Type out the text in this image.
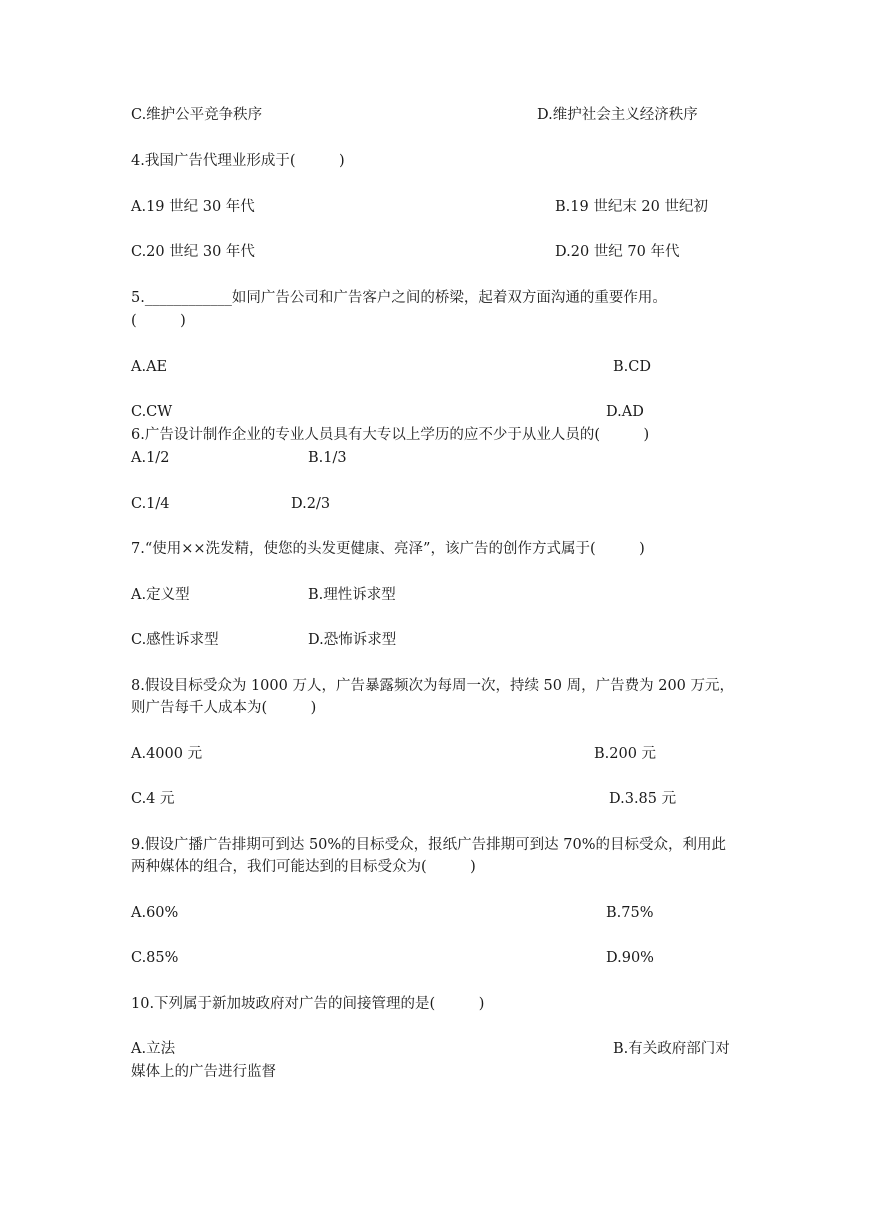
C.维护公平竞争秩序	D.维护社会主义经济秩序
4.我国广告代理业形成于(　　　)
A.19 世纪 30 年代	B.19 世纪末 20 世纪初
C.20 世纪 30 年代	D.20 世纪 70 年代
5.____________如同广告公司和广告客户之间的桥梁，起着双方面沟通的重要作用。
(　　　)
A.AE	B.CD
C.CW	D.AD
6.广告设计制作企业的专业人员具有大专以上学历的应不少于从业人员的(　　　)
A.1/2	B.1/3
C.1/4	D.2/3
7.“使用××洗发精，使您的头发更健康、亮泽”，该广告的创作方式属于(　　　)
A.定义型	B.理性诉求型
C.感性诉求型	D.恐怖诉求型
8.假设目标受众为 1000 万人，广告暴露频次为每周一次，持续 50 周，广告费为 200 万元，
则广告每千人成本为(　　　)
A.4000 元	B.200 元
C.4 元	D.3.85 元
9.假设广播广告排期可到达 50%的目标受众，报纸广告排期可到达 70%的目标受众，利用此
两种媒体的组合，我们可能达到的目标受众为(　　　)
A.60%	B.75%
C.85%	D.90%
10.下列属于新加坡政府对广告的间接管理的是(　　　)
A.立法	B.有关政府部门对
媒体上的广告进行监督
